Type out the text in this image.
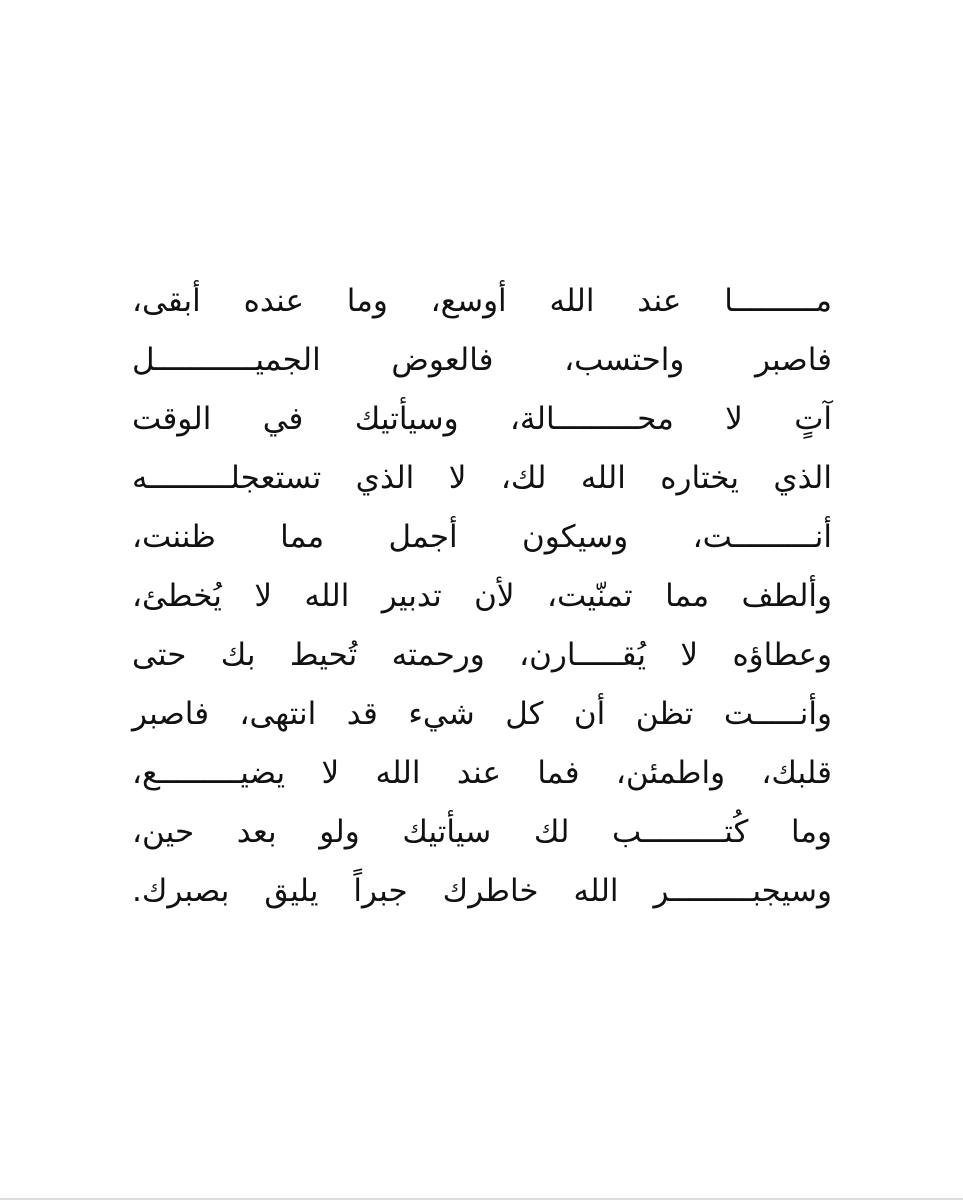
مـــــــــا عند الله أوسع، وما عنده أبقى،
فاصبر واحتسب، فالعوض الجميـــــــــــل
آتٍ لا محـــــــــالة، وسيأتيك في الوقت
الذي يختاره الله لك، لا الذي تستعجلـــــــــه
أنـــــــــت، وسيكون أجمل مما ظننت،
وألطف مما تمنّيت، لأن تدبير الله لا يُخطئ،
وعطاؤه لا يُقـــــارن، ورحمته تُحيط بك حتى
وأنـــــت تظن أن كل شيء قد انتهى، فاصبر
قلبك، واطمئن، فما عند الله لا يضيـــــــــع،
وما كُتـــــــــب لك سيأتيك ولو بعد حين،
وسيجبـــــــــر الله خاطرك جبراً يليق بصبرك.
